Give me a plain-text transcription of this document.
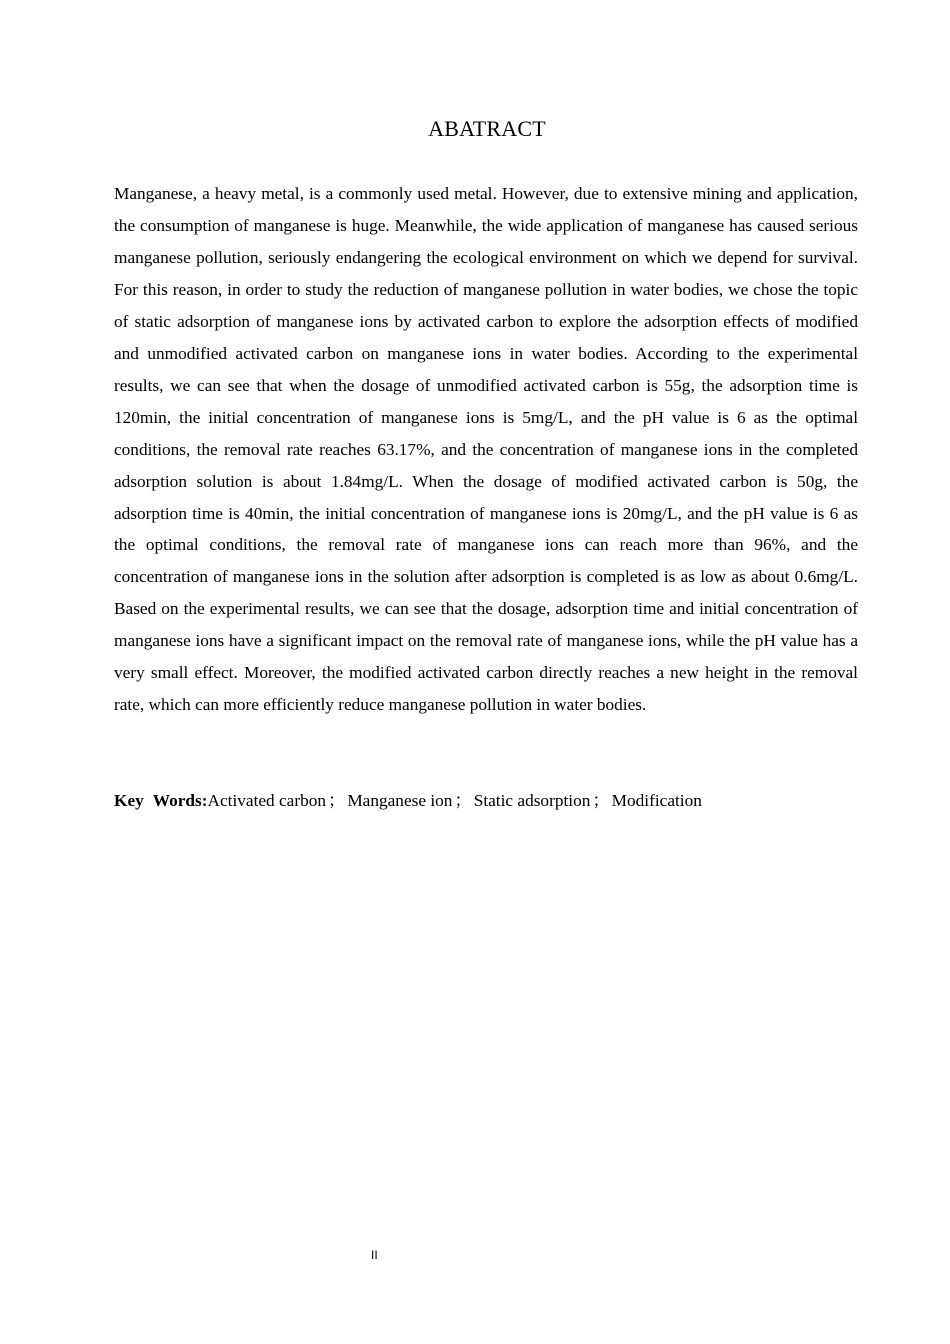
ABATRACT

Manganese, a heavy metal, is a commonly used metal. However, due to extensive mining and application, the consumption of manganese is huge. Meanwhile, the wide application of manganese has caused serious manganese pollution, seriously endangering the ecological environment on which we depend for survival. For this reason, in order to study the reduction of manganese pollution in water bodies, we chose the topic of static adsorption of manganese ions by activated carbon to explore the adsorption effects of modified and unmodified activated carbon on manganese ions in water bodies. According to the experimental results, we can see that when the dosage of unmodified activated carbon is 55g, the adsorption time is 120min, the initial concentration of manganese ions is 5mg/L, and the pH value is 6 as the optimal conditions, the removal rate reaches 63.17%, and the concentration of manganese ions in the completed adsorption solution is about 1.84mg/L. When the dosage of modified activated carbon is 50g, the adsorption time is 40min, the initial concentration of manganese ions is 20mg/L, and the pH value is 6 as the optimal conditions, the removal rate of manganese ions can reach more than 96%, and the concentration of manganese ions in the solution after adsorption is completed is as low as about 0.6mg/L. Based on the experimental results, we can see that the dosage, adsorption time and initial concentration of manganese ions have a significant impact on the removal rate of manganese ions, while the pH value has a very small effect. Moreover, the modified activated carbon directly reaches a new height in the removal rate, which can more efficiently reduce manganese pollution in water bodies.

Key Words:Activated carbon ； Manganese ion ； Static adsorption ； Modification
II
